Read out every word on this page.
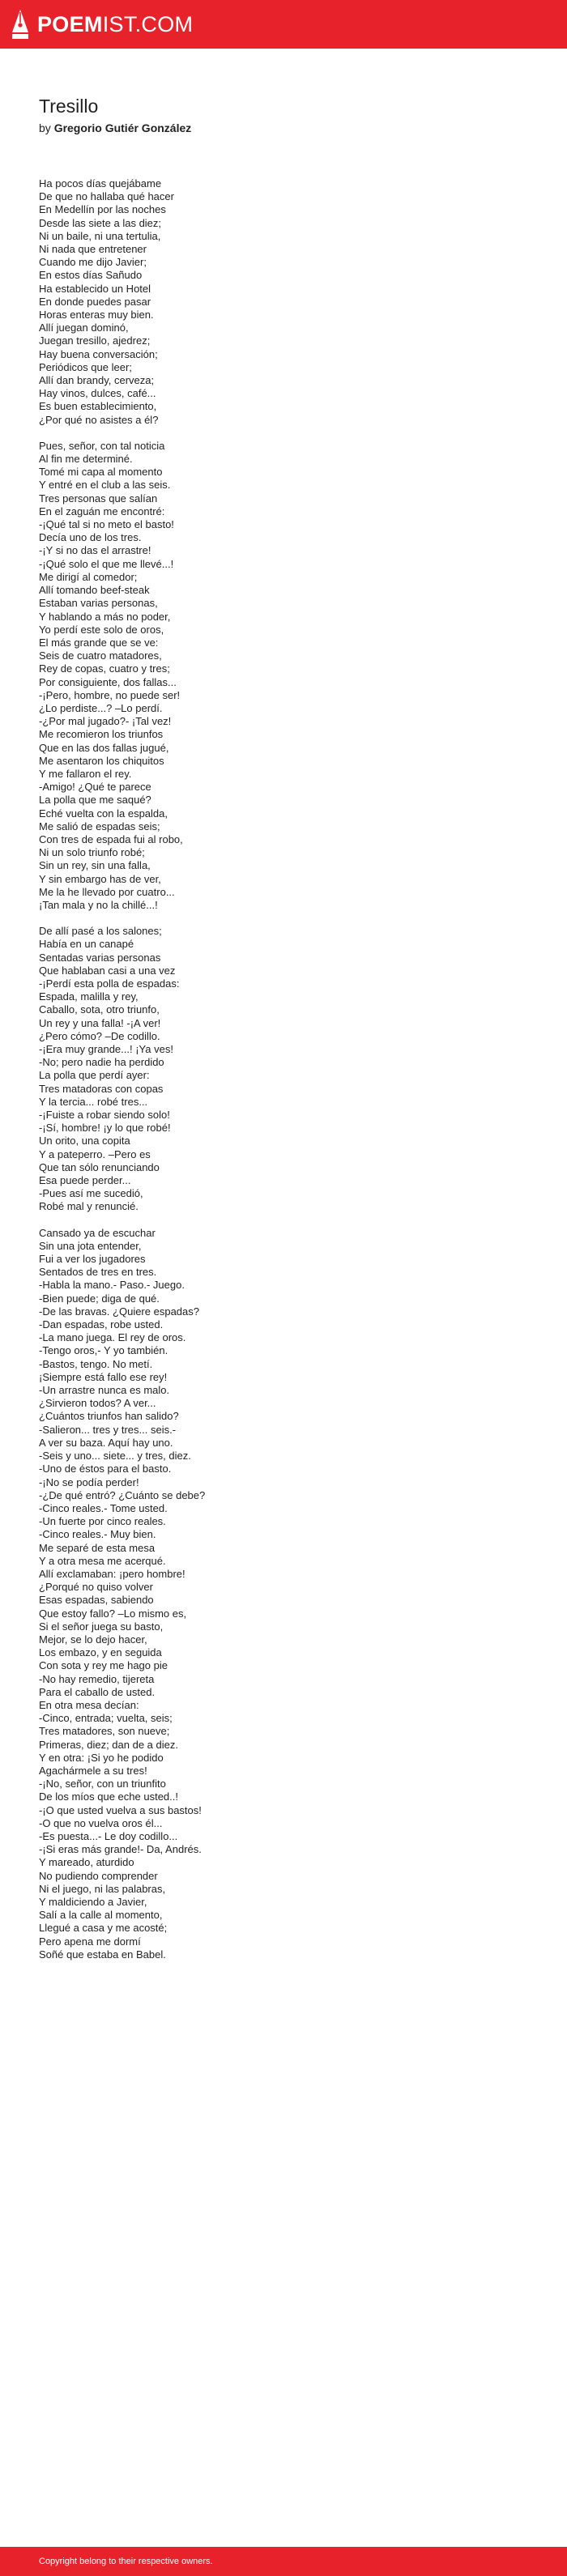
POEMIST.COM
Tresillo
by Gregorio Gutiér González
Ha pocos días quejábame
De que no hallaba qué hacer
En Medellín por las noches
Desde las siete a las diez;
Ni un baile, ni una tertulia,
Ni nada que entretener
Cuando me dijo Javier;
En estos días Sañudo
Ha establecido un Hotel
En donde puedes pasar
Horas enteras muy bien.
Allí juegan dominó,
Juegan tresillo, ajedrez;
Hay buena conversación;
Periódicos que leer;
Allí dan brandy, cerveza;
Hay vinos, dulces, café...
Es buen establecimiento,
¿Por qué no asistes a él?
Pues, señor, con tal noticia
Al fin me determiné.
Tomé mi capa al momento
Y entré en el club a las seis.
Tres personas que salían
En el zaguán me encontré:
-¡Qué tal si no meto el basto!
Decía uno de los tres.
-¡Y si no das el arrastre!
-¡Qué solo el que me llevé...!
Me dirigí al comedor;
Allí tomando beef-steak
Estaban varias personas,
Y hablando a más no poder,
Yo perdí este solo de oros,
El más grande que se ve:
Seis de cuatro matadores,
Rey de copas, cuatro y tres;
Por consiguiente, dos fallas...
-¡Pero, hombre, no puede ser!
¿Lo perdiste...? –Lo perdí.
-¿Por mal jugado?- ¡Tal vez!
Me recomieron los triunfos
Que en las dos fallas jugué,
Me asentaron los chiquitos
Y me fallaron el rey.
-Amigo! ¿Qué te parece
La polla que me saqué?
Eché vuelta con la espalda,
Me salió de espadas seis;
Con tres de espada fui al robo,
Ni un solo triunfo robé;
Sin un rey, sin una falla,
Y sin embargo has de ver,
Me la he llevado por cuatro...
¡Tan mala y no la chillé...!
De allí pasé a los salones;
Había en un canapé
Sentadas varias personas
Que hablaban casi a una vez
-¡Perdí esta polla de espadas:
Espada, malilla y rey,
Caballo, sota, otro triunfo,
Un rey y una falla! -¡A ver!
¿Pero cómo? –De codillo.
-¡Era muy grande...! ¡Ya ves!
-No; pero nadie ha perdido
La polla que perdí ayer:
Tres matadoras con copas
Y la tercia... robé tres...
-¡Fuiste a robar siendo solo!
-¡Sí, hombre! ¡y lo que robé!
Un orito, una copita
Y a pateperro. –Pero es
Que tan sólo renunciando
Esa puede perder...
-Pues así me sucedió,
Robé mal y renuncié.
Cansado ya de escuchar
Sin una jota entender,
Fui a ver los jugadores
Sentados de tres en tres.
-Habla la mano.- Paso.- Juego.
-Bien puede; diga de qué.
-De las bravas. ¿Quiere espadas?
-Dan espadas, robe usted.
-La mano juega. El rey de oros.
-Tengo oros,- Y yo también.
-Bastos, tengo. No metí.
¡Siempre está fallo ese rey!
-Un arrastre nunca es malo.
¿Sirvieron todos? A ver...
¿Cuántos triunfos han salido?
-Salieron... tres y tres... seis.-
A ver su baza. Aquí hay uno.
-Seis y uno... siete... y tres, diez.
-Uno de éstos para el basto.
-¡No se podía perder!
-¿De qué entró? ¿Cuánto se debe?
-Cinco reales.- Tome usted.
-Un fuerte por cinco reales.
-Cinco reales.- Muy bien.
Me separé de esta mesa
Y a otra mesa me acerqué.
Allí exclamaban: ¡pero hombre!
¿Porqué no quiso volver
Esas espadas, sabiendo
Que estoy fallo? –Lo mismo es,
Si el señor juega su basto,
Mejor, se lo dejo hacer,
Los embazo, y en seguida
Con sota y rey me hago pie
-No hay remedio, tijereta
Para el caballo de usted.
En otra mesa decían:
-Cinco, entrada; vuelta, seis;
Tres matadores, son nueve;
Primeras, diez; dan de a diez.
Y en otra: ¡Si yo he podido
Agachármele a su tres!
-¡No, señor, con un triunfito
De los míos que eche usted..!
-¡O que usted vuelva a sus bastos!
-O que no vuelva oros él...
-Es puesta...- Le doy codillo...
-¡Si eras más grande!- Da, Andrés.
Y mareado, aturdido
No pudiendo comprender
Ni el juego, ni las palabras,
Y maldiciendo a Javier,
Salí a la calle al momento,
Llegué a casa y me acosté;
Pero apena me dormí
Soñé que estaba en Babel.
Copyright belong to their respective owners.
